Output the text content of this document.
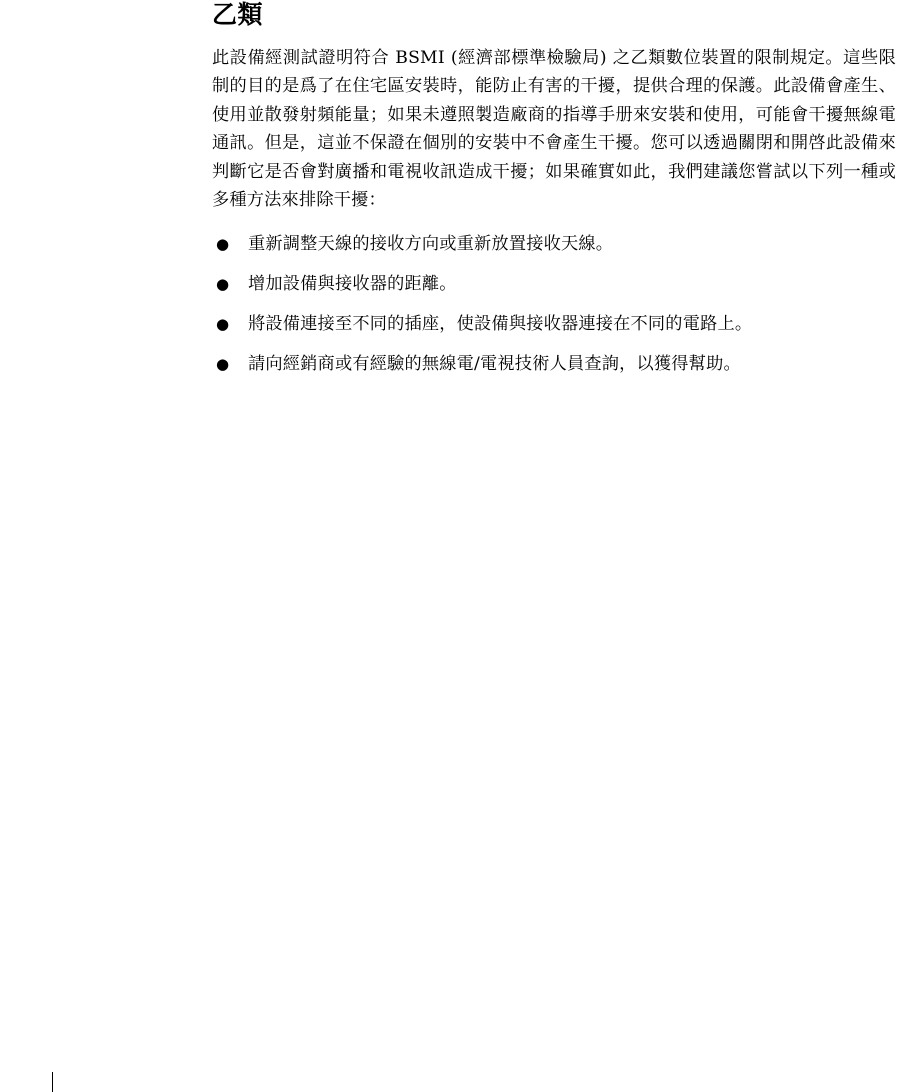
乙類

此設備經測試證明符合 BSMI (經濟部標準檢驗局) 之乙類數位裝置的限制規定。這些限制的目的是爲了在住宅區安裝時，能防止有害的干擾，提供合理的保護。此設備會產生、使用並散發射頻能量；如果未遵照製造廠商的指導手册來安裝和使用，可能會干擾無線電通訊。但是，這並不保證在個別的安裝中不會產生干擾。您可以透過關閉和開啓此設備來判斷它是否會對廣播和電視收訊造成干擾；如果確實如此，我們建議您嘗試以下列一種或多種方法來排除干擾：

● 重新調整天線的接收方向或重新放置接收天線。
● 增加設備與接收器的距離。
● 將設備連接至不同的插座，使設備與接收器連接在不同的電路上。
● 請向經銷商或有經驗的無線電/電視技術人員查詢，以獲得幫助。
